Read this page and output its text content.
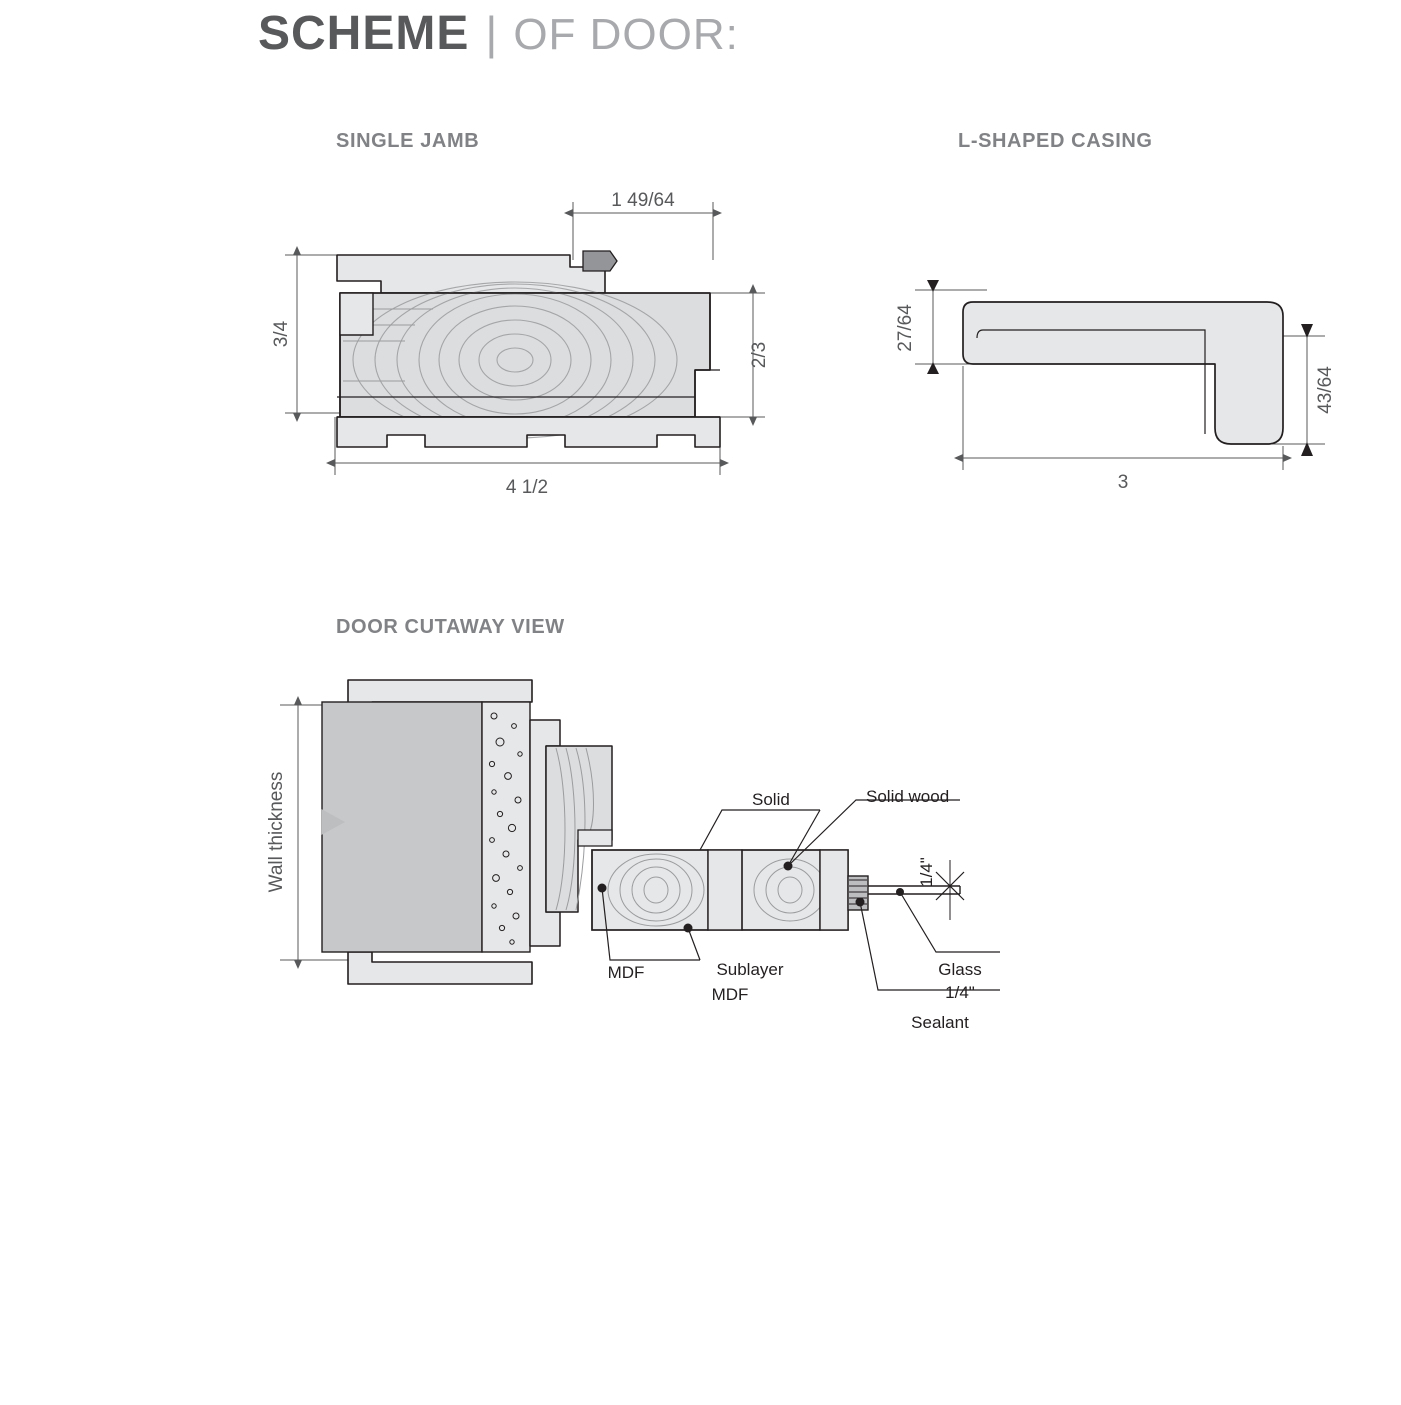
SCHEME | OF DOOR:
SINGLE JAMB	L-SHAPED CASING
DOOR CUTAWAY VIEW
1 49/64
3/4
2/3
4 1/2
27/64
43/64
3
Wall thickness	1/4"
Solid	Solid wood
MDF	Sublayer
MDF
Glass
1/4"
Sealant
